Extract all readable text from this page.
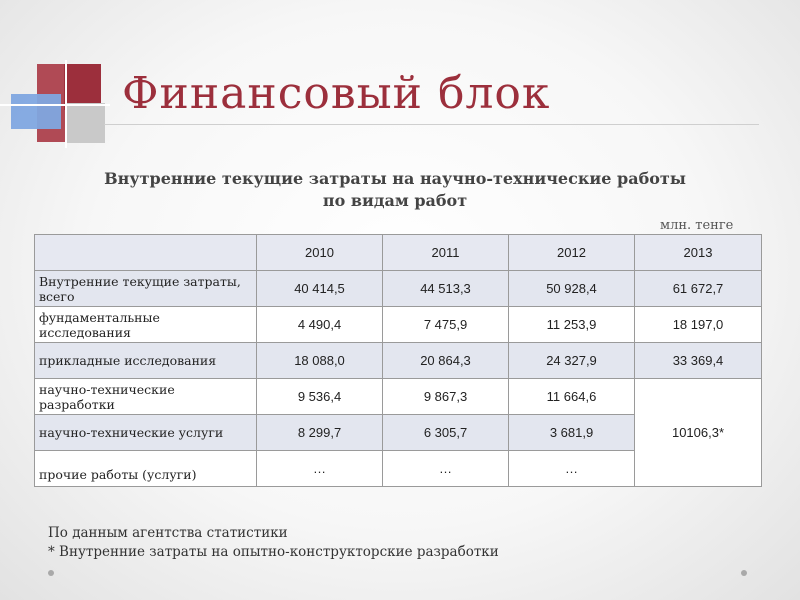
Финансовый блок
Внутренние текущие затраты на научно-технические работы
по видам работ
млн. тенге
	2010	2011	2012	2013
Внутренние текущие затраты, всего	40 414,5	44 513,3	50 928,4	61 672,7
фундаментальные исследования	4 490,4	7 475,9	11 253,9	18 197,0
прикладные исследования	18 088,0	20 864,3	24 327,9	33 369,4
научно-технические разработки	9 536,4	9 867,3	11 664,6	10106,3*
научно-технические услуги	8 299,7	6 305,7	3 681,9	
прочие работы (услуги)	…	…	…	
По данным агентства статистики
* Внутренние затраты на опытно-конструкторские разработки
